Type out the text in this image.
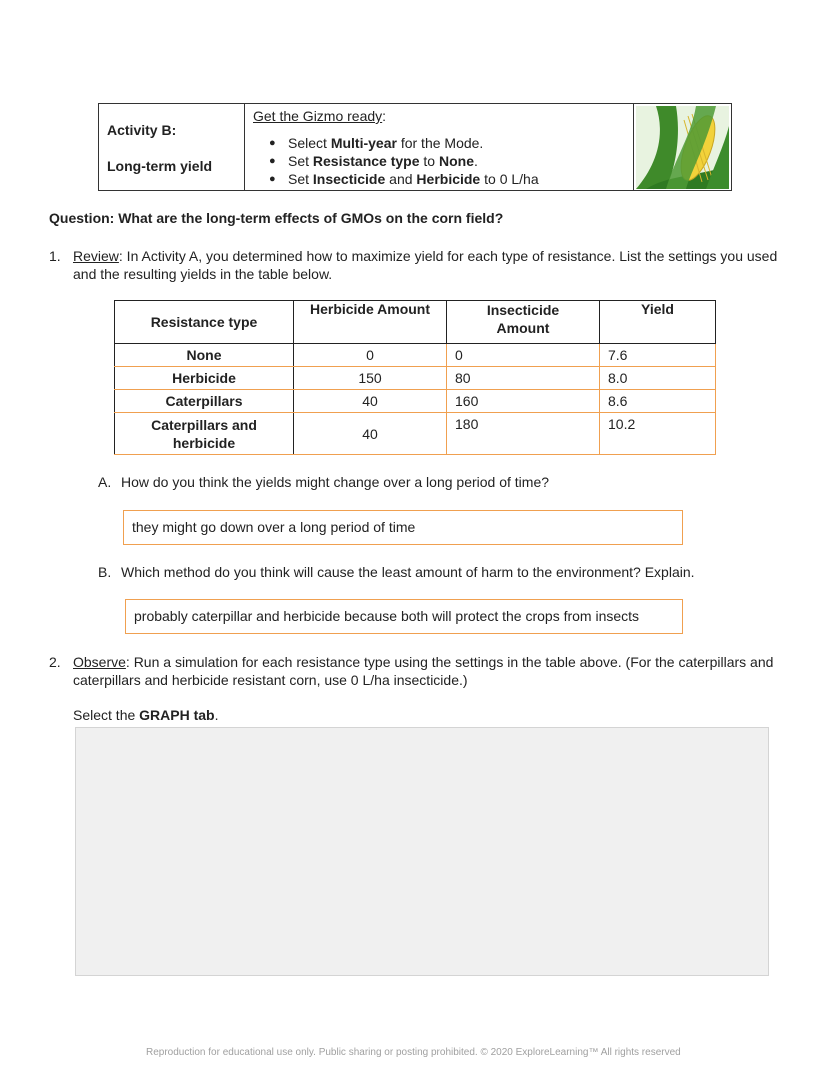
Activity B:
Long-term yield
Get the Gizmo ready:
● Select Multi-year for the Mode.
● Set Resistance type to None.
● Set Insecticide and Herbicide to 0 L/ha
Question: What are the long-term effects of GMOs on the corn field?
1. Review: In Activity A, you determined how to maximize yield for each type of resistance. List the settings you used and the resulting yields in the table below.
Resistance type	Herbicide Amount	Insecticide Amount	Yield
None	0	0	7.6
Herbicide	150	80	8.0
Caterpillars	40	160	8.6

Caterpillars and herbicide	40	180	10.2
A. How do you think the yields might change over a long period of time?
they might go down over a long period of time
B. Which method do you think will cause the least amount of harm to the environment? Explain.
probably caterpillar and herbicide because both will protect the crops from insects
2. Observe: Run a simulation for each resistance type using the settings in the table above. (For the caterpillars and caterpillars and herbicide resistant corn, use 0 L/ha insecticide.)
Select the GRAPH tab.
Reproduction for educational use only. Public sharing or posting prohibited. © 2020 ExploreLearning™ All rights reserved
